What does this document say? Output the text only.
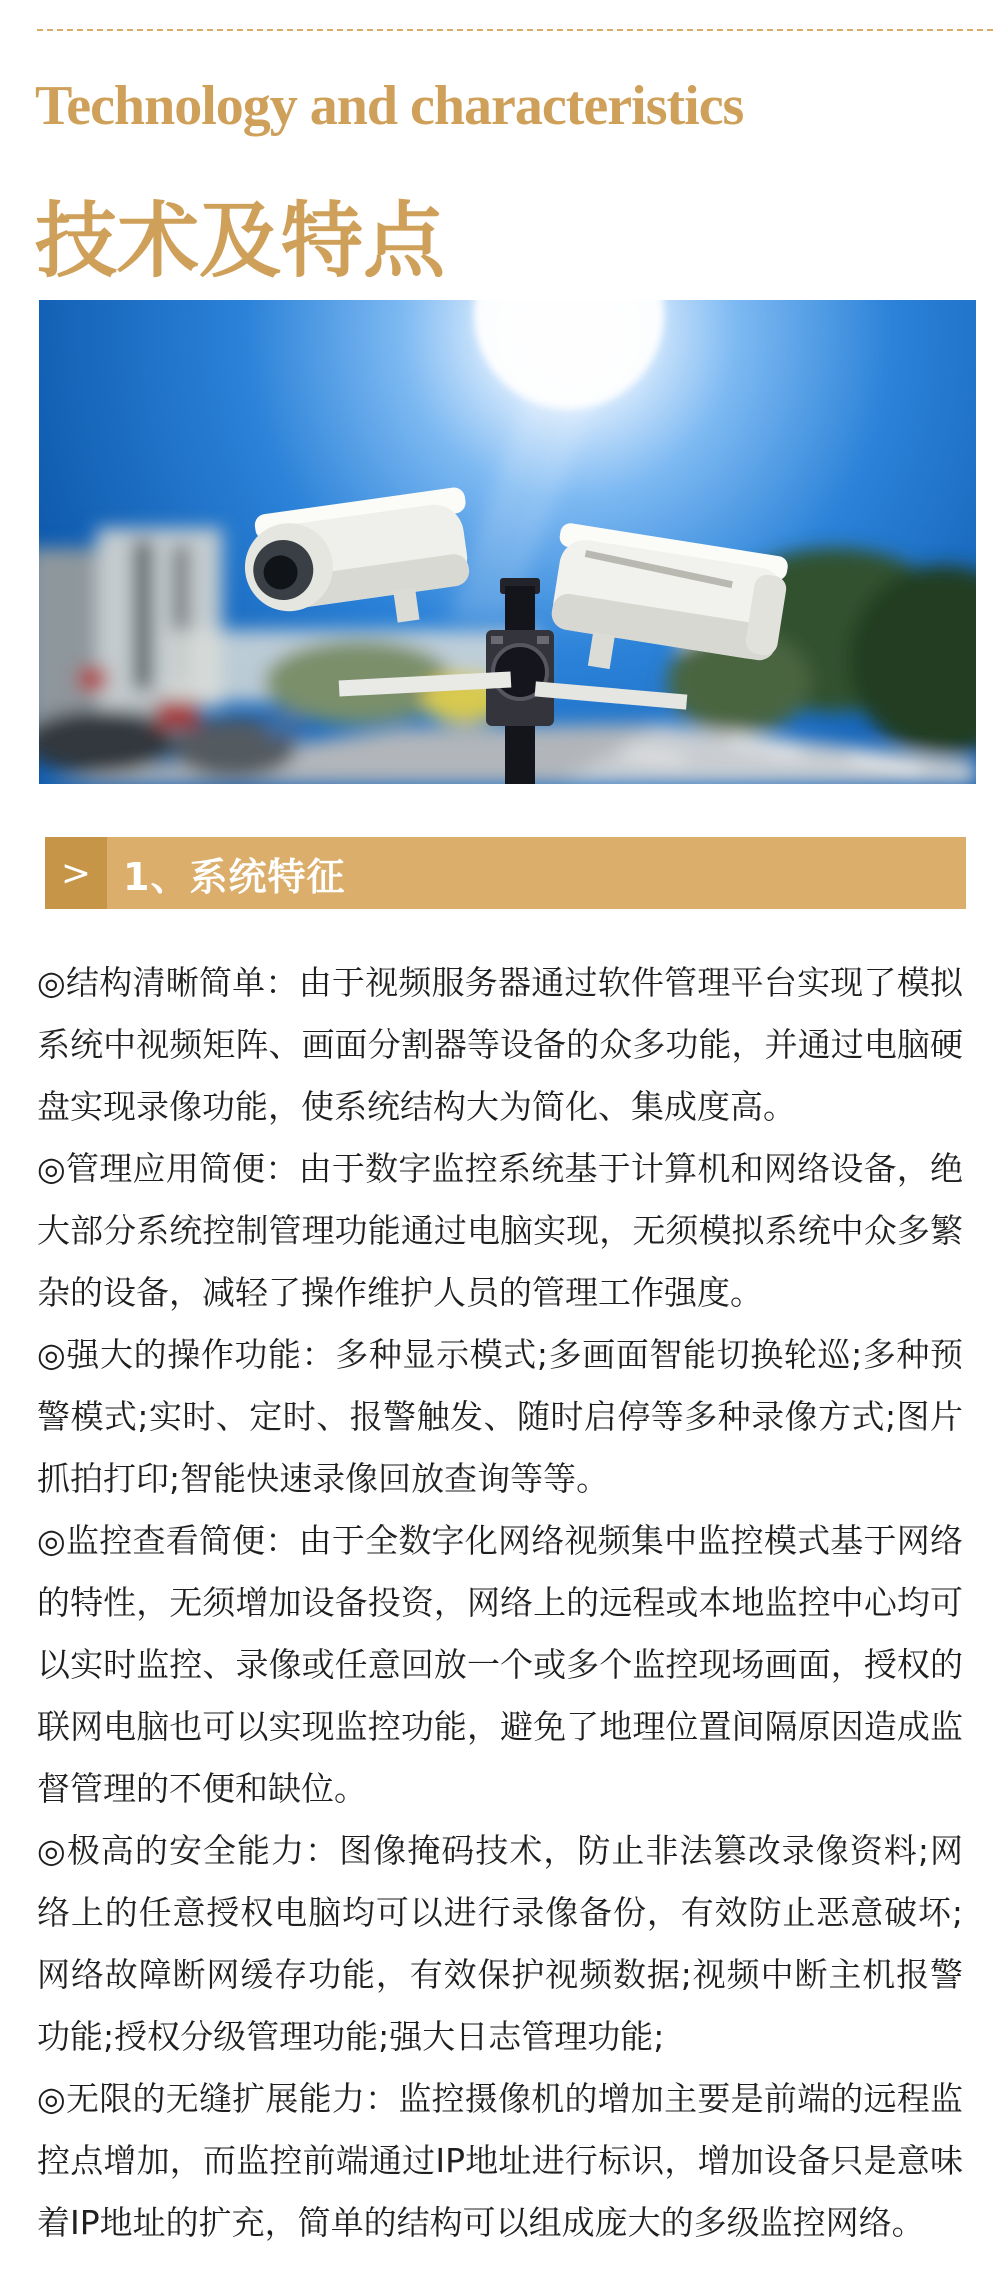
Technology and characteristics
技术及特点
> 1、系统特征

◎结构清晰简单：由于视频服务器通过软件管理平台实现了模拟系统中视频矩阵、画面分割器等设备的众多功能，并通过电脑硬盘实现录像功能，使系统结构大为简化、集成度高。

◎管理应用简便：由于数字监控系统基于计算机和网络设备，绝大部分系统控制管理功能通过电脑实现，无须模拟系统中众多繁杂的设备，减轻了操作维护人员的管理工作强度。

◎强大的操作功能：多种显示模式;多画面智能切换轮巡;多种预警模式;实时、定时、报警触发、随时启停等多种录像方式;图片抓拍打印;智能快速录像回放查询等等。

◎监控查看简便：由于全数字化网络视频集中监控模式基于网络的特性，无须增加设备投资，网络上的远程或本地监控中心均可以实时监控、录像或任意回放一个或多个监控现场画面，授权的联网电脑也可以实现监控功能，避免了地理位置间隔原因造成监督管理的不便和缺位。

◎极高的安全能力：图像掩码技术，防止非法篡改录像资料;网络上的任意授权电脑均可以进行录像备份，有效防止恶意破坏;网络故障断网缓存功能，有效保护视频数据;视频中断主机报警功能;授权分级管理功能;强大日志管理功能;

◎无限的无缝扩展能力：监控摄像机的增加主要是前端的远程监控点增加，而监控前端通过IP地址进行标识，增加设备只是意味着IP地址的扩充，简单的结构可以组成庞大的多级监控网络。
